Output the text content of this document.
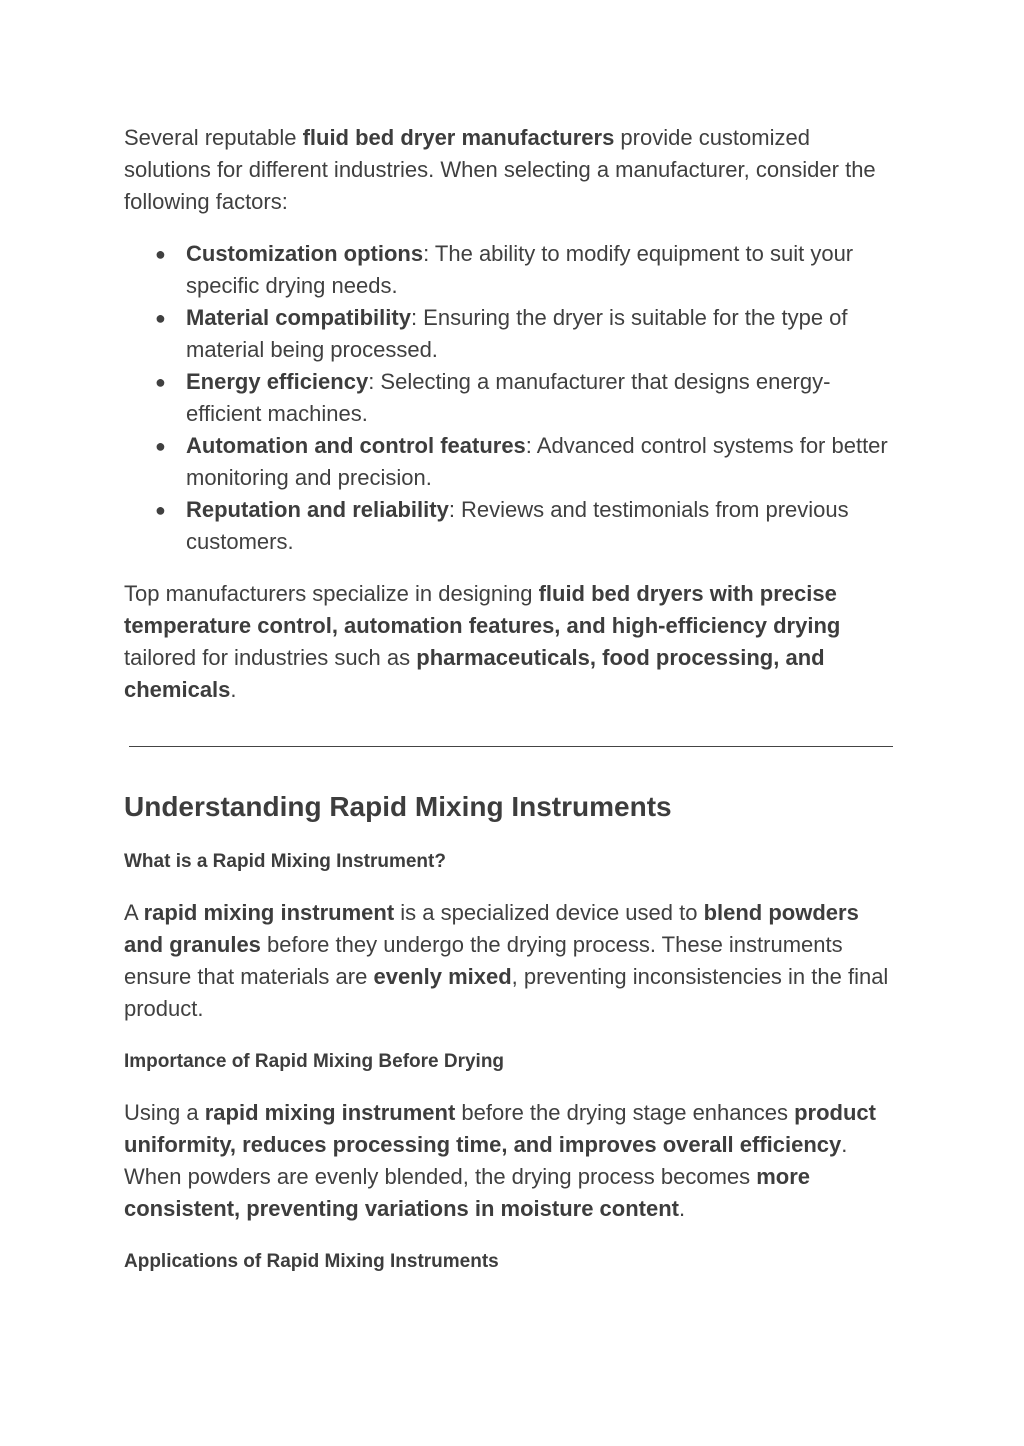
Several reputable fluid bed dryer manufacturers provide customized solutions for different industries. When selecting a manufacturer, consider the following factors:

● Customization options: The ability to modify equipment to suit your specific drying needs.
● Material compatibility: Ensuring the dryer is suitable for the type of material being processed.
● Energy efficiency: Selecting a manufacturer that designs energy-efficient machines.
● Automation and control features: Advanced control systems for better monitoring and precision.
● Reputation and reliability: Reviews and testimonials from previous customers.

Top manufacturers specialize in designing fluid bed dryers with precise temperature control, automation features, and high-efficiency drying tailored for industries such as pharmaceuticals, food processing, and chemicals.

Understanding Rapid Mixing Instruments
What is a Rapid Mixing Instrument?

A rapid mixing instrument is a specialized device used to blend powders and granules before they undergo the drying process. These instruments ensure that materials are evenly mixed, preventing inconsistencies in the final product.

Importance of Rapid Mixing Before Drying

Using a rapid mixing instrument before the drying stage enhances product uniformity, reduces processing time, and improves overall efficiency. When powders are evenly blended, the drying process becomes more consistent, preventing variations in moisture content.

Applications of Rapid Mixing Instruments
